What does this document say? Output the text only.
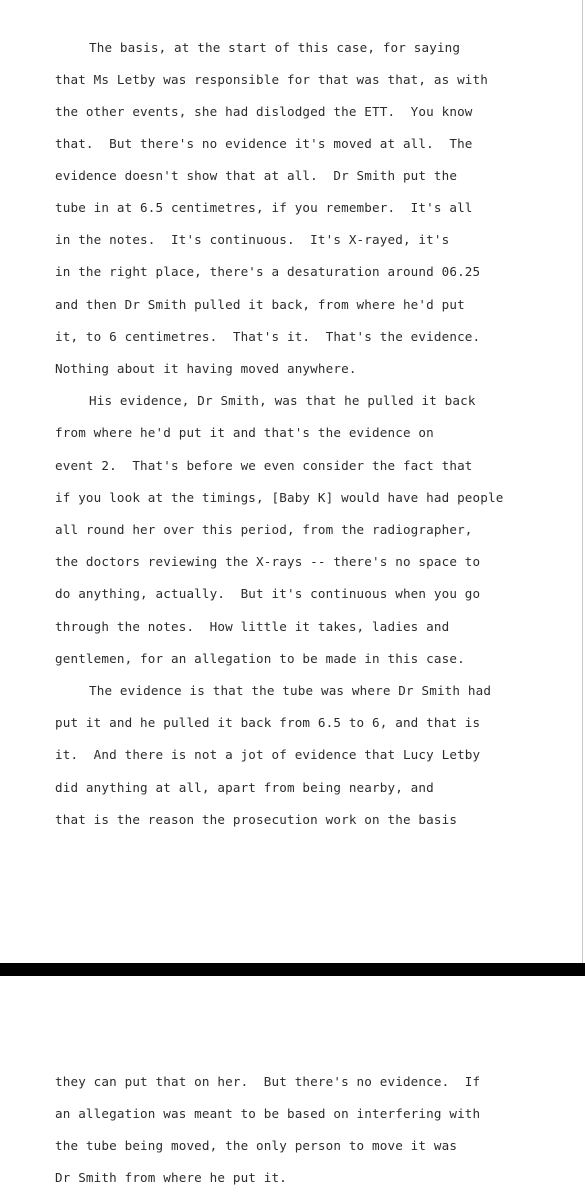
The basis, at the start of this case, for saying
that Ms Letby was responsible for that was that, as with
the other events, she had dislodged the ETT.  You know
that.  But there's no evidence it's moved at all.  The
evidence doesn't show that at all.  Dr Smith put the
tube in at 6.5 centimetres, if you remember.  It's all
in the notes.  It's continuous.  It's X-rayed, it's
in the right place, there's a desaturation around 06.25
and then Dr Smith pulled it back, from where he'd put
it, to 6 centimetres.  That's it.  That's the evidence.
Nothing about it having moved anywhere.
His evidence, Dr Smith, was that he pulled it back
from where he'd put it and that's the evidence on
event 2.  That's before we even consider the fact that
if you look at the timings, [Baby K] would have had people
all round her over this period, from the radiographer,
the doctors reviewing the X-rays -- there's no space to
do anything, actually.  But it's continuous when you go
through the notes.  How little it takes, ladies and
gentlemen, for an allegation to be made in this case.
The evidence is that the tube was where Dr Smith had
put it and he pulled it back from 6.5 to 6, and that is
it.  And there is not a jot of evidence that Lucy Letby
did anything at all, apart from being nearby, and
that is the reason the prosecution work on the basis
they can put that on her.  But there's no evidence.  If
an allegation was meant to be based on interfering with
the tube being moved, the only person to move it was
Dr Smith from where he put it.
